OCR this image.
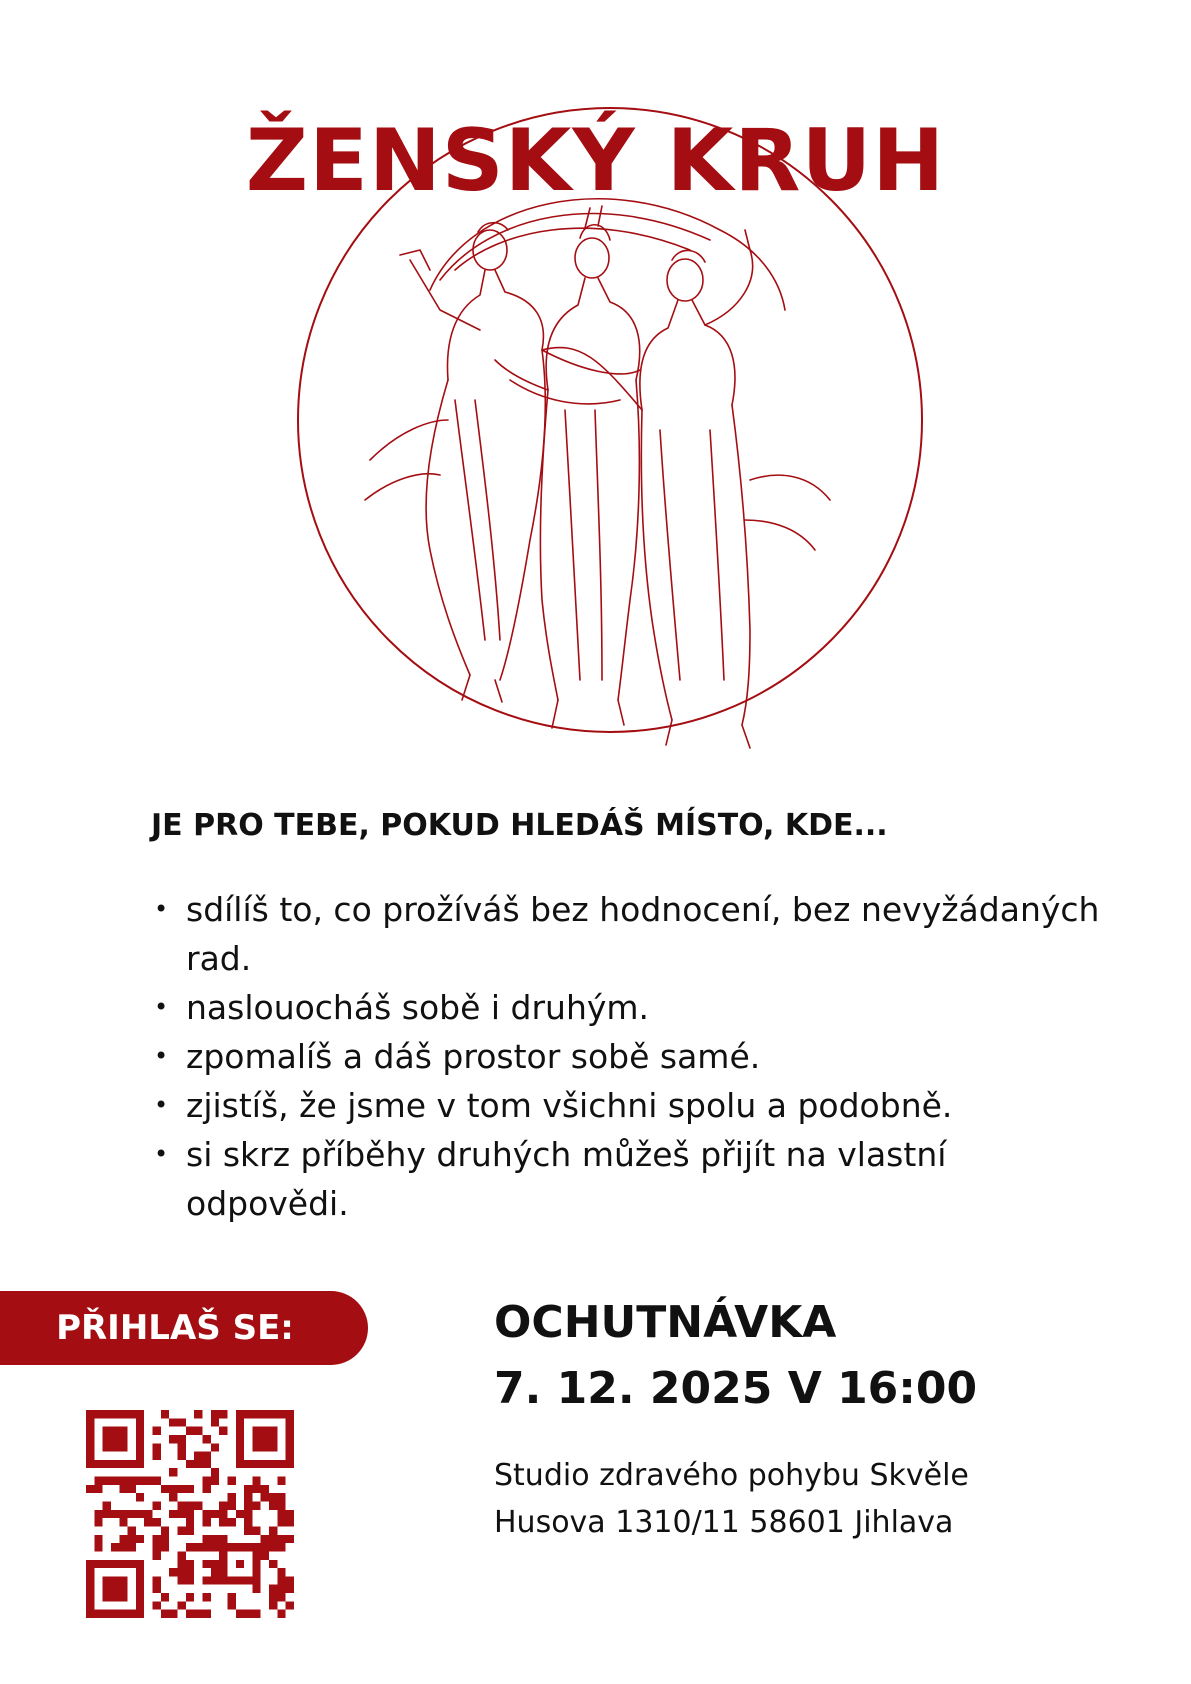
ŽENSKÝ KRUH
JE PRO TEBE, POKUD HLEDÁŠ MÍSTO, KDE...
• sdílíš to, co prožíváš bez hodnocení, bez nevyžádaných rad.
• naslouocháš sobě i druhým.
• zpomalíš a dáš prostor sobě samé.
• zjistíš, že jsme v tom všichni spolu a podobně.
• si skrz příběhy druhých můžeš přijít na vlastní odpovědi.
PŘIHLAŠ SE:	OCHUTNÁVKA
7. 12. 2025 V 16:00
Studio zdravého pohybu Skvěle
Husova 1310/11 58601 Jihlava
